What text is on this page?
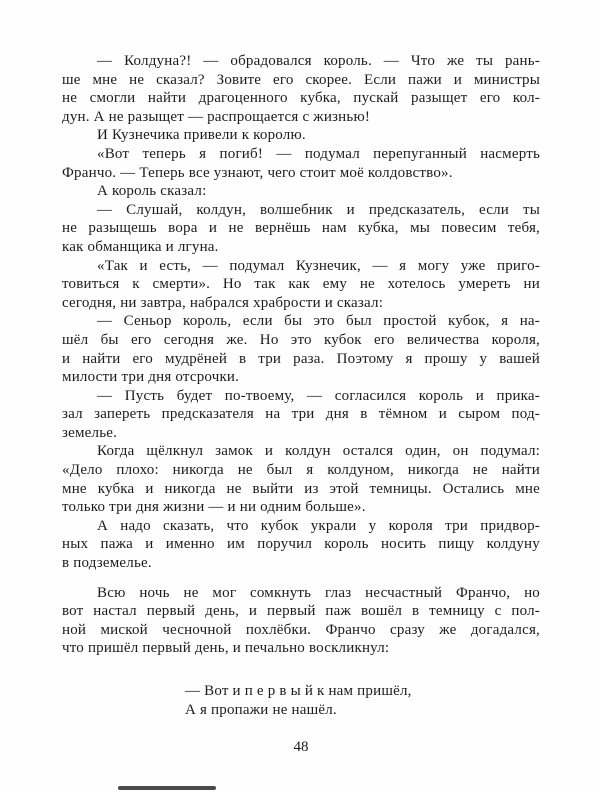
— Колдуна?! — обрадовался король. — Что же ты рань-
ше мне не сказал? Зовите его скорее. Если пажи и министры
не смогли найти драгоценного кубка, пускай разыщет его кол-
дун. А не разыщет — распрощается с жизнью!
И Кузнечика привели к королю.
«Вот теперь я погиб! — подумал перепуганный насмерть
Франчо. — Теперь все узнают, чего стоит моё колдовство».
А король сказал:
— Слушай, колдун, волшебник и предсказатель, если ты
не разыщешь вора и не вернёшь нам кубка, мы повесим тебя,
как обманщика и лгуна.
«Так и есть, — подумал Кузнечик, — я могу уже приго-
товиться к смерти». Но так как ему не хотелось умереть ни
сегодня, ни завтра, набрался храбрости и сказал:
— Сеньор король, если бы это был простой кубок, я на-
шёл бы его сегодня же. Но это кубок его величества короля,
и найти его мудрёней в три раза. Поэтому я прошу у вашей
милости три дня отсрочки.
— Пусть будет по-твоему, — согласился король и прика-
зал запереть предсказателя на три дня в тёмном и сыром под-
земелье.
Когда щёлкнул замок и колдун остался один, он подумал:
«Дело плохо: никогда не был я колдуном, никогда не найти
мне кубка и никогда не выйти из этой темницы. Остались мне
только три дня жизни — и ни одним больше».
А надо сказать, что кубок украли у короля три придвор-
ных пажа и именно им поручил король носить пищу колдуну
в подземелье.
Всю ночь не мог сомкнуть глаз несчастный Франчо, но
вот настал первый день, и первый паж вошёл в темницу с пол-
ной миской чесночной похлёбки. Франчо сразу же догадался,
что пришёл первый день, и печально воскликнул:
— Вот и п е р в ы й к нам пришёл,
А я пропажи не нашёл.
48
